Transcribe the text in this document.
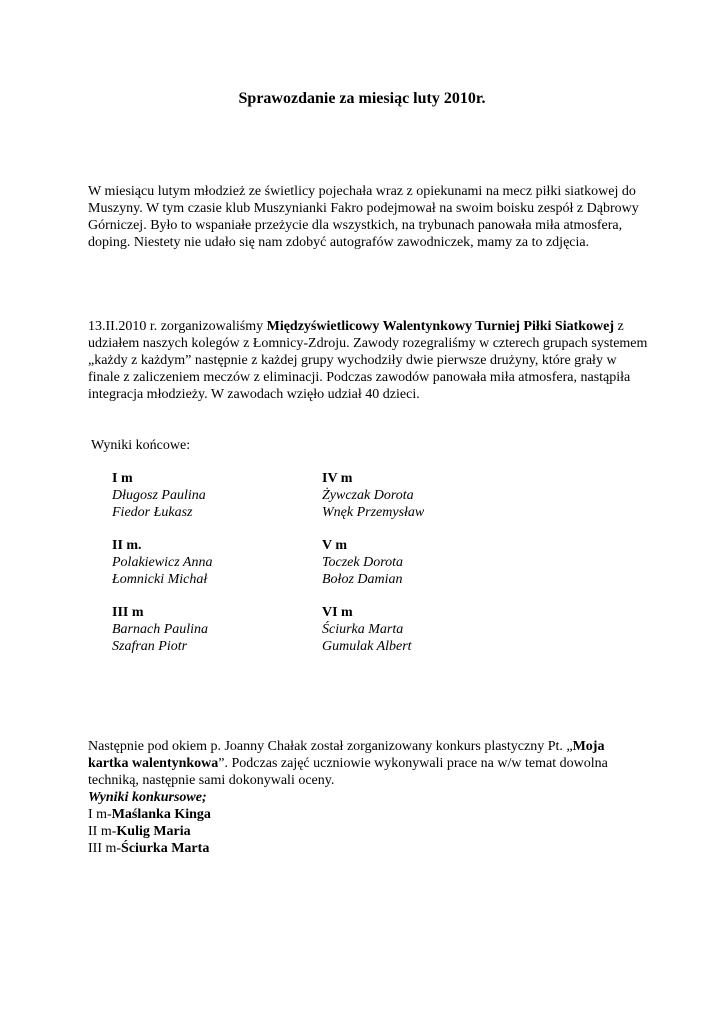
Sprawozdanie za miesiąc luty 2010r.

W miesiącu lutym młodzież ze świetlicy pojechała wraz z opiekunami na mecz piłki siatkowej do Muszyny. W tym czasie klub Muszynianki Fakro podejmował na swoim boisku zespół z Dąbrowy Górniczej. Było to wspaniałe przeżycie dla wszystkich, na trybunach panowała miła atmosfera, doping. Niestety nie udało się nam zdobyć autografów zawodniczek, mamy za to zdjęcia.

13.II.2010 r. zorganizowaliśmy Międzyświetlicowy Walentynkowy Turniej Piłki Siatkowej z udziałem naszych kolegów z Łomnicy-Zdroju. Zawody rozegraliśmy w czterech grupach systemem „każdy z każdym” następnie z każdej grupy wychodziły dwie pierwsze drużyny, które grały w finale z zaliczeniem meczów z eliminacji. Podczas zawodów panowała miła atmosfera, nastąpiła integracja młodzieży. W zawodach wzięło udział 40 dzieci.

Wyniki końcowe:
I m
Długosz Paulina
Fiedor Łukasz
IV m
Żywczak Dorota
Wnęk Przemysław
II m.
Polakiewicz Anna
Łomnicki Michał
V m
Toczek Dorota
Bołoz Damian
III m
Barnach Paulina
Szafran Piotr
VI m
Ściurka Marta
Gumulak Albert
Następnie pod okiem p. Joanny Chałak został zorganizowany konkurs plastyczny Pt. „Moja kartka walentynkowa”. Podczas zajęć uczniowie wykonywali prace na w/w temat dowolna techniką, następnie sami dokonywali oceny.
Wyniki konkursowe;
I m-Maślanka Kinga
II m-Kulig Maria
III m-Ściurka Marta
